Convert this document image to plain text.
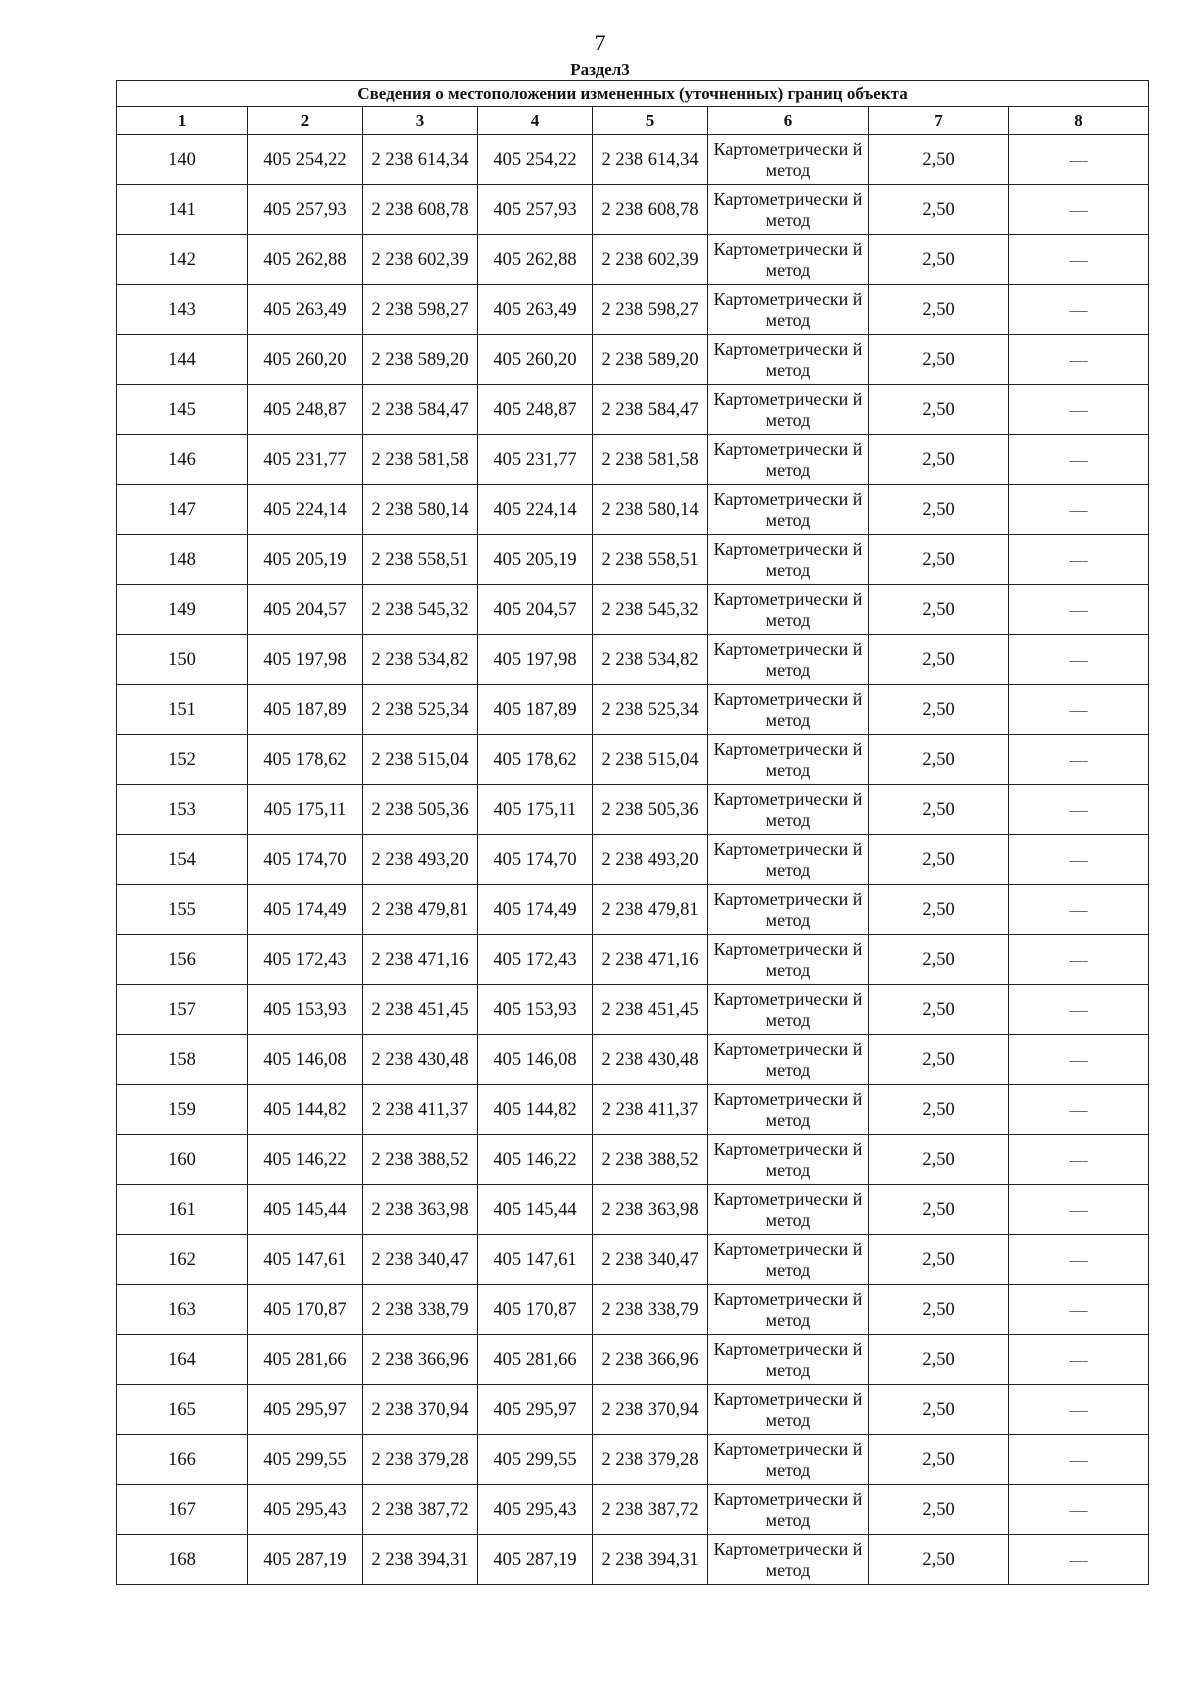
7
Раздел3
Сведения о местоположении измененных (уточненных) границ объекта							
1	2	3	4	5	6	7	8
140	405 254,22	2 238 614,34	405 254,22	2 238 614,34	Картометрически й метод	2,50	—
141	405 257,93	2 238 608,78	405 257,93	2 238 608,78	Картометрически й метод	2,50	—
142	405 262,88	2 238 602,39	405 262,88	2 238 602,39	Картометрически й метод	2,50	—
143	405 263,49	2 238 598,27	405 263,49	2 238 598,27	Картометрически й метод	2,50	—
144	405 260,20	2 238 589,20	405 260,20	2 238 589,20	Картометрически й метод	2,50	—
145	405 248,87	2 238 584,47	405 248,87	2 238 584,47	Картометрически й метод	2,50	—
146	405 231,77	2 238 581,58	405 231,77	2 238 581,58	Картометрически й метод	2,50	—
147	405 224,14	2 238 580,14	405 224,14	2 238 580,14	Картометрически й метод	2,50	—
148	405 205,19	2 238 558,51	405 205,19	2 238 558,51	Картометрически й метод	2,50	—
149	405 204,57	2 238 545,32	405 204,57	2 238 545,32	Картометрически й метод	2,50	—
150	405 197,98	2 238 534,82	405 197,98	2 238 534,82	Картометрически й метод	2,50	—
151	405 187,89	2 238 525,34	405 187,89	2 238 525,34	Картометрически й метод	2,50	—
152	405 178,62	2 238 515,04	405 178,62	2 238 515,04	Картометрически й метод	2,50	—
153	405 175,11	2 238 505,36	405 175,11	2 238 505,36	Картометрически й метод	2,50	—
154	405 174,70	2 238 493,20	405 174,70	2 238 493,20	Картометрически й метод	2,50	—
155	405 174,49	2 238 479,81	405 174,49	2 238 479,81	Картометрически й метод	2,50	—
156	405 172,43	2 238 471,16	405 172,43	2 238 471,16	Картометрически й метод	2,50	—
157	405 153,93	2 238 451,45	405 153,93	2 238 451,45	Картометрически й метод	2,50	—
158	405 146,08	2 238 430,48	405 146,08	2 238 430,48	Картометрически й метод	2,50	—
159	405 144,82	2 238 411,37	405 144,82	2 238 411,37	Картометрически й метод	2,50	—
160	405 146,22	2 238 388,52	405 146,22	2 238 388,52	Картометрически й метод	2,50	—
161	405 145,44	2 238 363,98	405 145,44	2 238 363,98	Картометрически й метод	2,50	—
162	405 147,61	2 238 340,47	405 147,61	2 238 340,47	Картометрически й метод	2,50	—
163	405 170,87	2 238 338,79	405 170,87	2 238 338,79	Картометрически й метод	2,50	—
164	405 281,66	2 238 366,96	405 281,66	2 238 366,96	Картометрически й метод	2,50	—
165	405 295,97	2 238 370,94	405 295,97	2 238 370,94	Картометрически й метод	2,50	—
166	405 299,55	2 238 379,28	405 299,55	2 238 379,28	Картометрически й метод	2,50	—
167	405 295,43	2 238 387,72	405 295,43	2 238 387,72	Картометрически й метод	2,50	—
168	405 287,19	2 238 394,31	405 287,19	2 238 394,31	Картометрически й метод	2,50	—
